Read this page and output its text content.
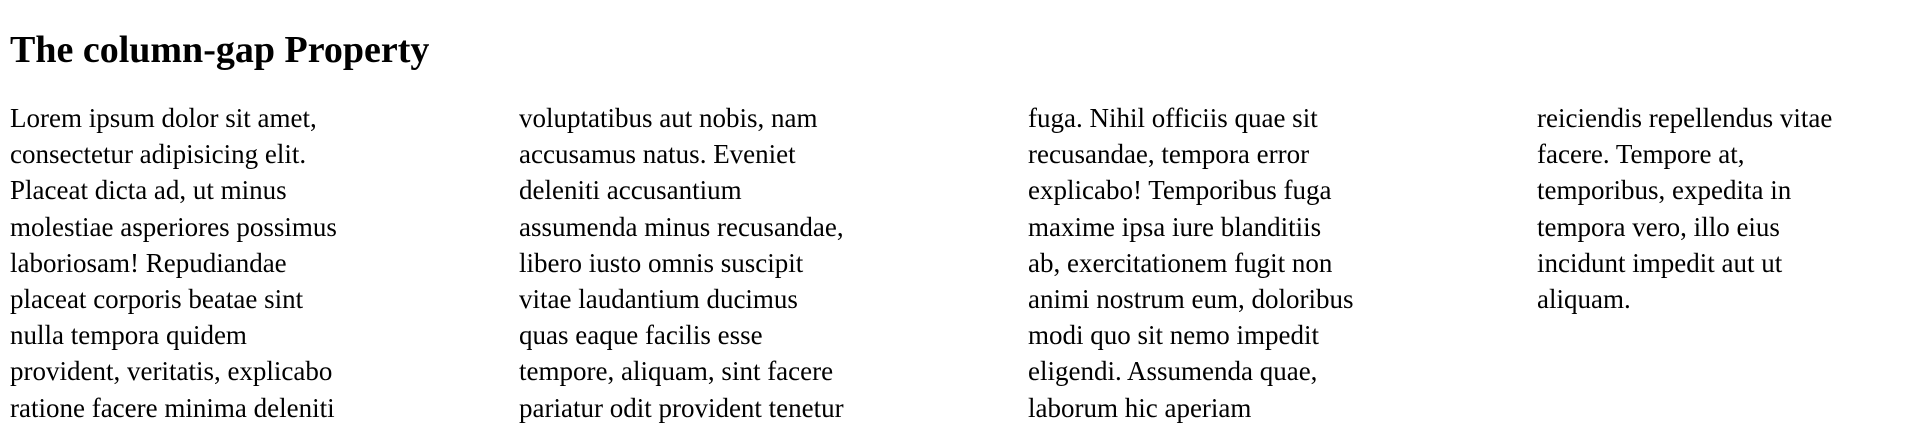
The column-gap Property
Lorem ipsum dolor sit amet,
consectetur adipisicing elit.
Placeat dicta ad, ut minus
molestiae asperiores possimus
laboriosam! Repudiandae
placeat corporis beatae sint
nulla tempora quidem
provident, veritatis, explicabo
ratione facere minima deleniti
voluptatibus aut nobis, nam
accusamus natus. Eveniet
deleniti accusantium
assumenda minus recusandae,
libero iusto omnis suscipit
vitae laudantium ducimus
quas eaque facilis esse
tempore, aliquam, sint facere
pariatur odit provident tenetur
fuga. Nihil officiis quae sit
recusandae, tempora error
explicabo! Temporibus fuga
maxime ipsa iure blanditiis
ab, exercitationem fugit non
animi nostrum eum, doloribus
modi quo sit nemo impedit
eligendi. Assumenda quae,
laborum hic aperiam
reiciendis repellendus vitae
facere. Tempore at,
temporibus, expedita in
tempora vero, illo eius
incidunt impedit aut ut
aliquam.
